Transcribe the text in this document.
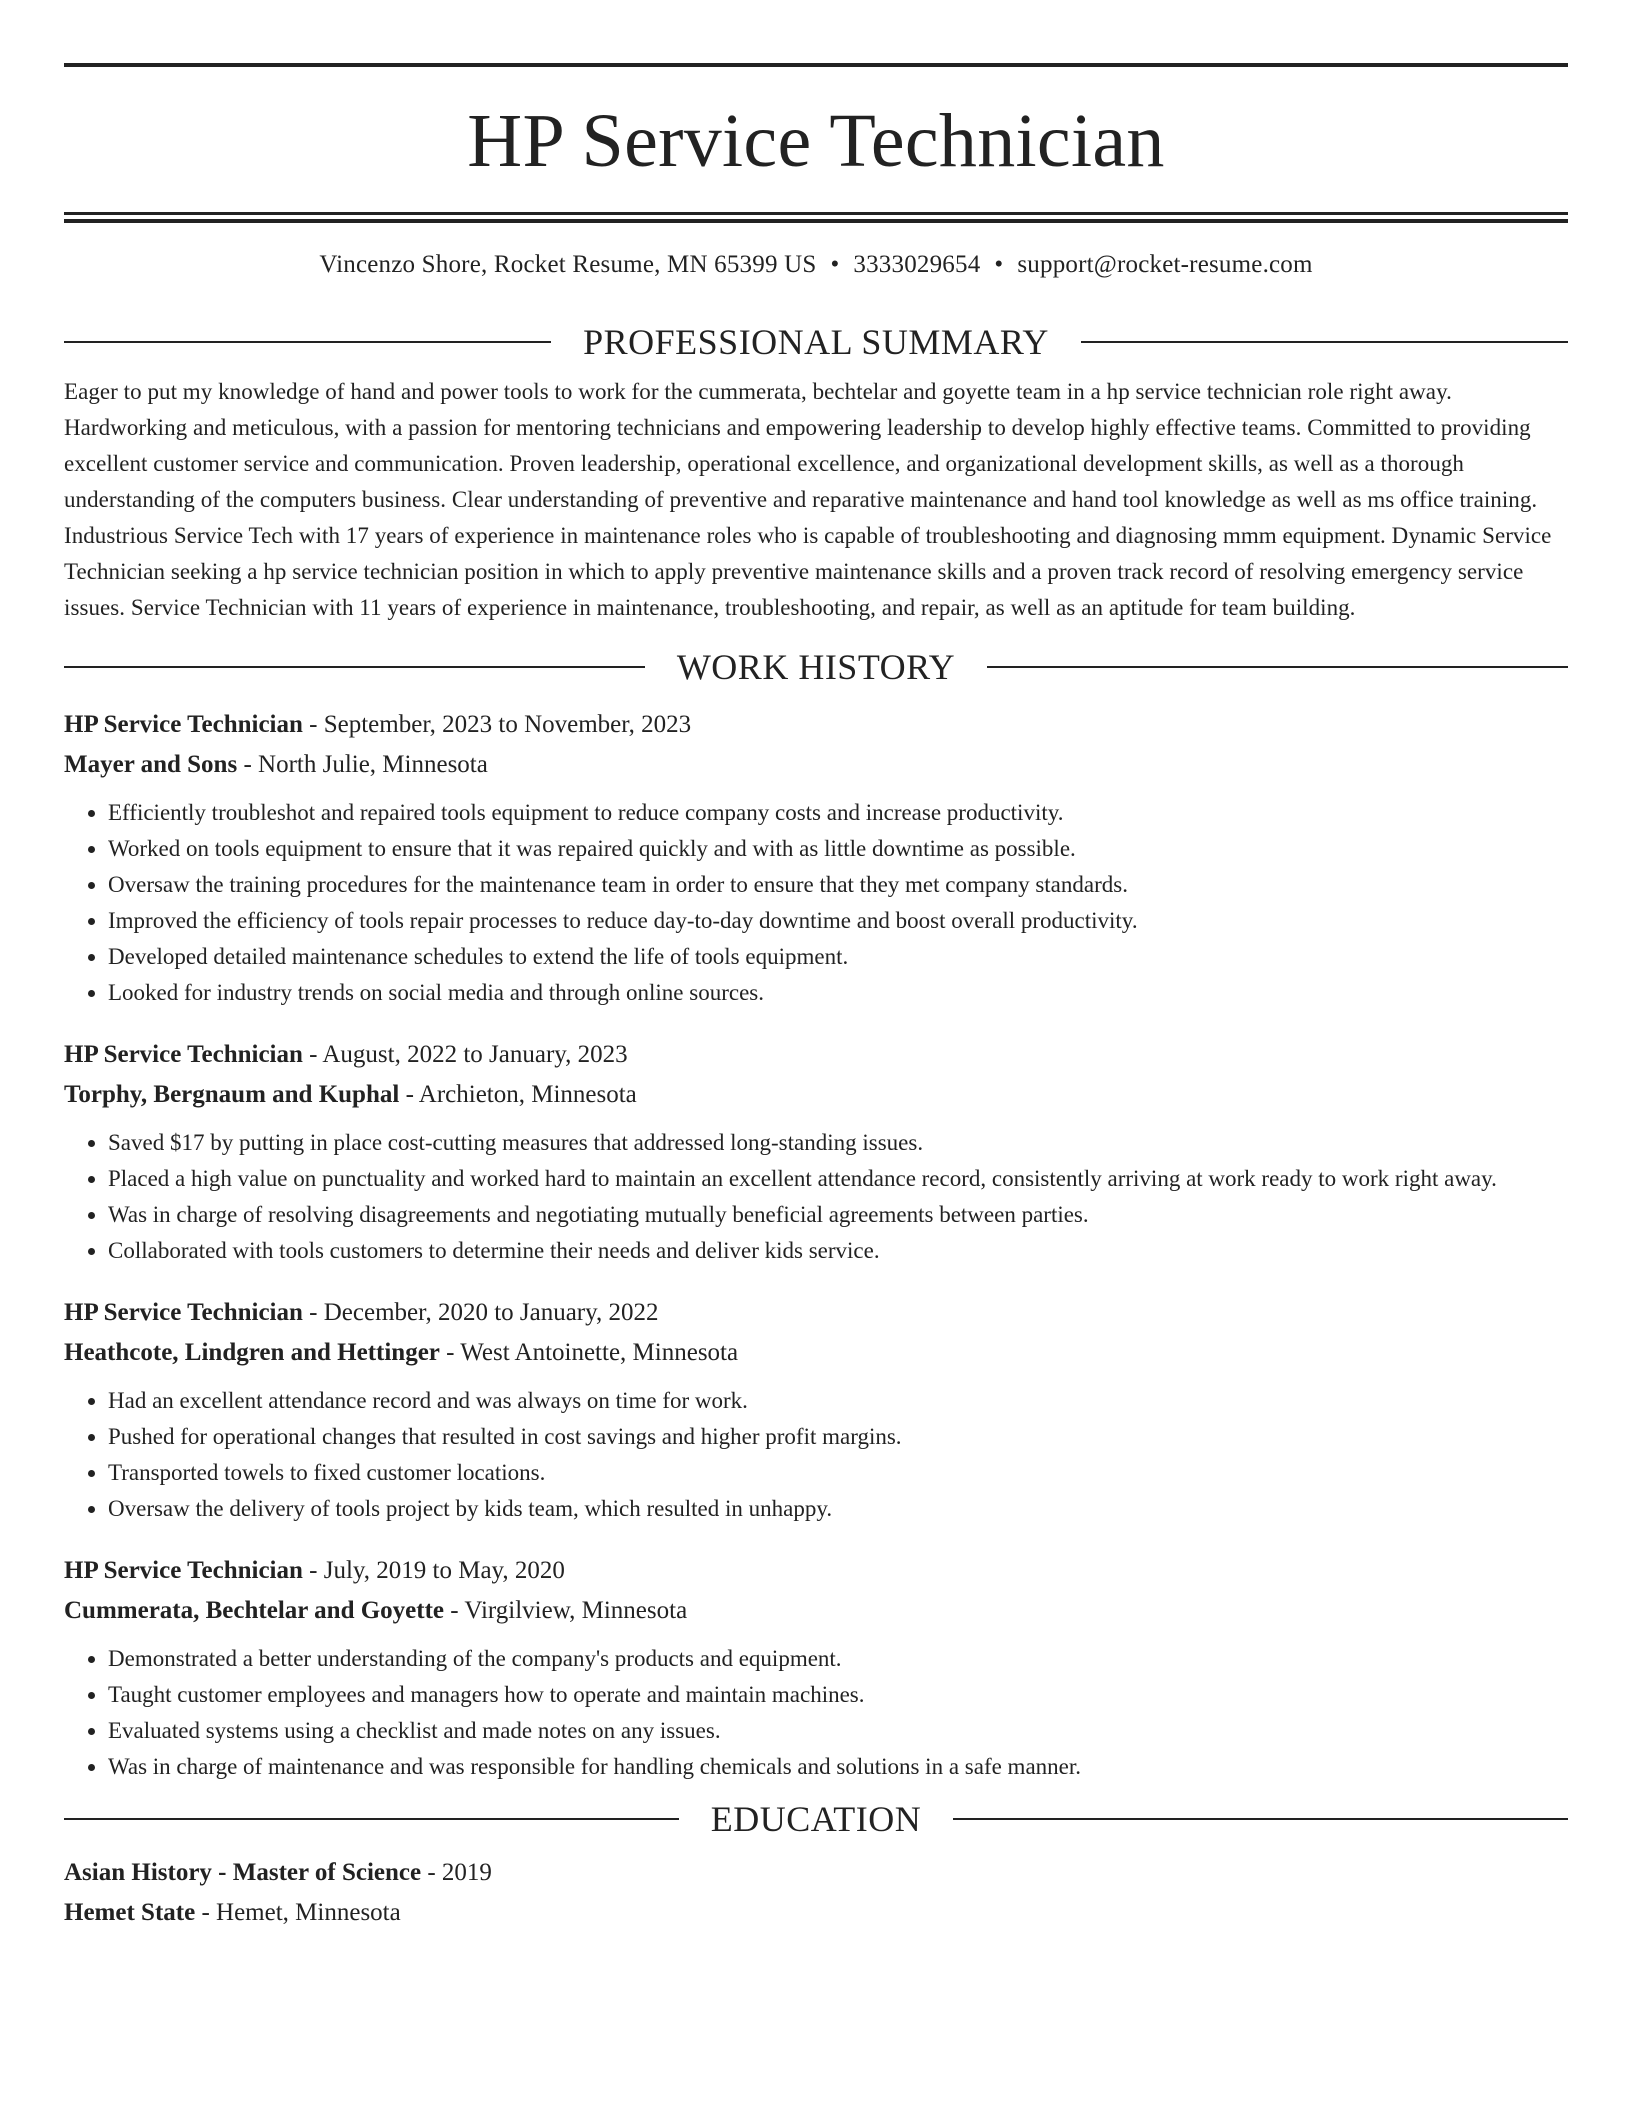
HP Service Technician
Vincenzo Shore, Rocket Resume, MN 65399 US • 3333029654 • support@rocket-resume.com
PROFESSIONAL SUMMARY
Eager to put my knowledge of hand and power tools to work for the cummerata, bechtelar and goyette team in a hp service technician role right away. Hardworking and meticulous, with a passion for mentoring technicians and empowering leadership to develop highly effective teams. Committed to providing excellent customer service and communication. Proven leadership, operational excellence, and organizational development skills, as well as a thorough understanding of the computers business. Clear understanding of preventive and reparative maintenance and hand tool knowledge as well as ms office training. Industrious Service Tech with 17 years of experience in maintenance roles who is capable of troubleshooting and diagnosing mmm equipment. Dynamic Service Technician seeking a hp service technician position in which to apply preventive maintenance skills and a proven track record of resolving emergency service issues. Service Technician with 11 years of experience in maintenance, troubleshooting, and repair, as well as an aptitude for team building.
WORK HISTORY
HP Service Technician - September, 2023 to November, 2023
Mayer and Sons - North Julie, Minnesota
• Efficiently troubleshot and repaired tools equipment to reduce company costs and increase productivity.
• Worked on tools equipment to ensure that it was repaired quickly and with as little downtime as possible.
• Oversaw the training procedures for the maintenance team in order to ensure that they met company standards.
• Improved the efficiency of tools repair processes to reduce day-to-day downtime and boost overall productivity.
• Developed detailed maintenance schedules to extend the life of tools equipment.
• Looked for industry trends on social media and through online sources.
HP Service Technician - August, 2022 to January, 2023
Torphy, Bergnaum and Kuphal - Archieton, Minnesota
• Saved $17 by putting in place cost-cutting measures that addressed long-standing issues.
• Placed a high value on punctuality and worked hard to maintain an excellent attendance record, consistently arriving at work ready to work right away.
• Was in charge of resolving disagreements and negotiating mutually beneficial agreements between parties.
• Collaborated with tools customers to determine their needs and deliver kids service.
HP Service Technician - December, 2020 to January, 2022
Heathcote, Lindgren and Hettinger - West Antoinette, Minnesota
• Had an excellent attendance record and was always on time for work.
• Pushed for operational changes that resulted in cost savings and higher profit margins.
• Transported towels to fixed customer locations.
• Oversaw the delivery of tools project by kids team, which resulted in unhappy.
HP Service Technician - July, 2019 to May, 2020
Cummerata, Bechtelar and Goyette - Virgilview, Minnesota
• Demonstrated a better understanding of the company's products and equipment.
• Taught customer employees and managers how to operate and maintain machines.
• Evaluated systems using a checklist and made notes on any issues.
• Was in charge of maintenance and was responsible for handling chemicals and solutions in a safe manner.
EDUCATION
Asian History - Master of Science - 2019
Hemet State - Hemet, Minnesota
